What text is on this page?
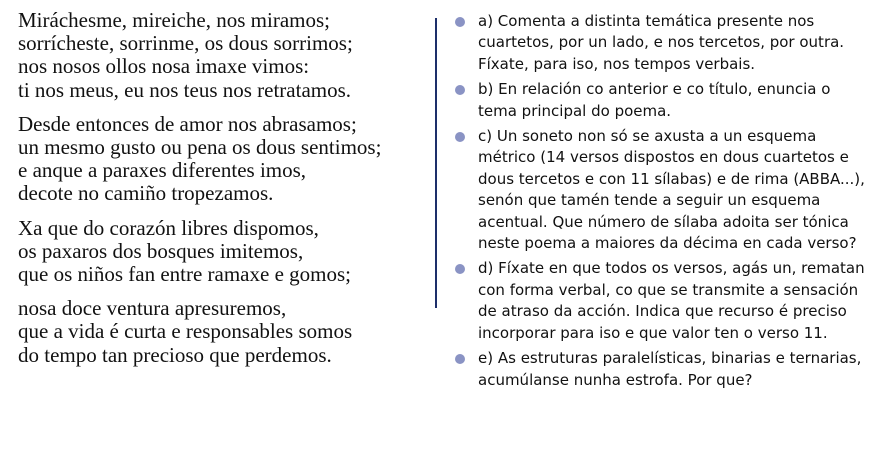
Miráchesme, mireiche, nos miramos;
sorrícheste, sorrinme, os dous sorrimos;
nos nosos ollos nosa imaxe vimos:
ti nos meus, eu nos teus nos retratamos.
Desde entonces de amor nos abrasamos;
un mesmo gusto ou pena os dous sentimos;
e anque a paraxes diferentes imos,
decote no camiño tropezamos.
Xa que do corazón libres dispomos,
os paxaros dos bosques imitemos,
que os niños fan entre ramaxe e gomos;
nosa doce ventura apresuremos,
que a vida é curta e responsables somos
do tempo tan precioso que perdemos.
a) Comenta a distinta temática presente nos cuartetos, por un lado, e nos tercetos, por outra. Fíxate, para iso, nos tempos verbais.
b) En relación co anterior e co título, enuncia o tema principal do poema.
c) Un soneto non só se axusta a un esquema métrico (14 versos dispostos en dous cuartetos e dous tercetos e con 11 sílabas) e de rima (ABBA...), senón que tamén tende a seguir un esquema acentual. Que número de sílaba adoita ser tónica neste poema a maiores da décima en cada verso?
d) Fíxate en que todos os versos, agás un, rematan con forma verbal, co que se transmite a sensación de atraso da acción. Indica que recurso é preciso incorporar para iso e que valor ten o verso 11.
e) As estruturas paralelísticas, binarias e ternarias, acumúlanse nunha estrofa. Por que?
